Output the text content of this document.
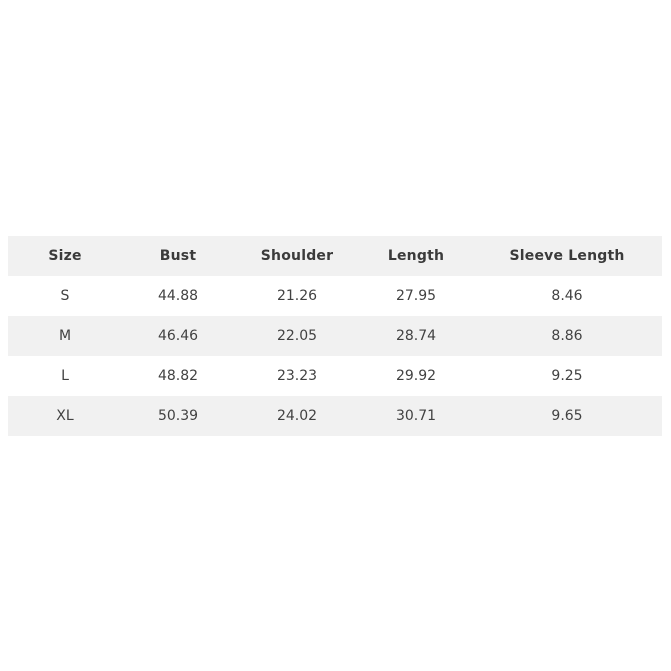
Size	Bust	Shoulder	Length	Sleeve Length
S	44.88	21.26	27.95	8.46
M	46.46	22.05	28.74	8.86
L	48.82	23.23	29.92	9.25
XL	50.39	24.02	30.71	9.65
